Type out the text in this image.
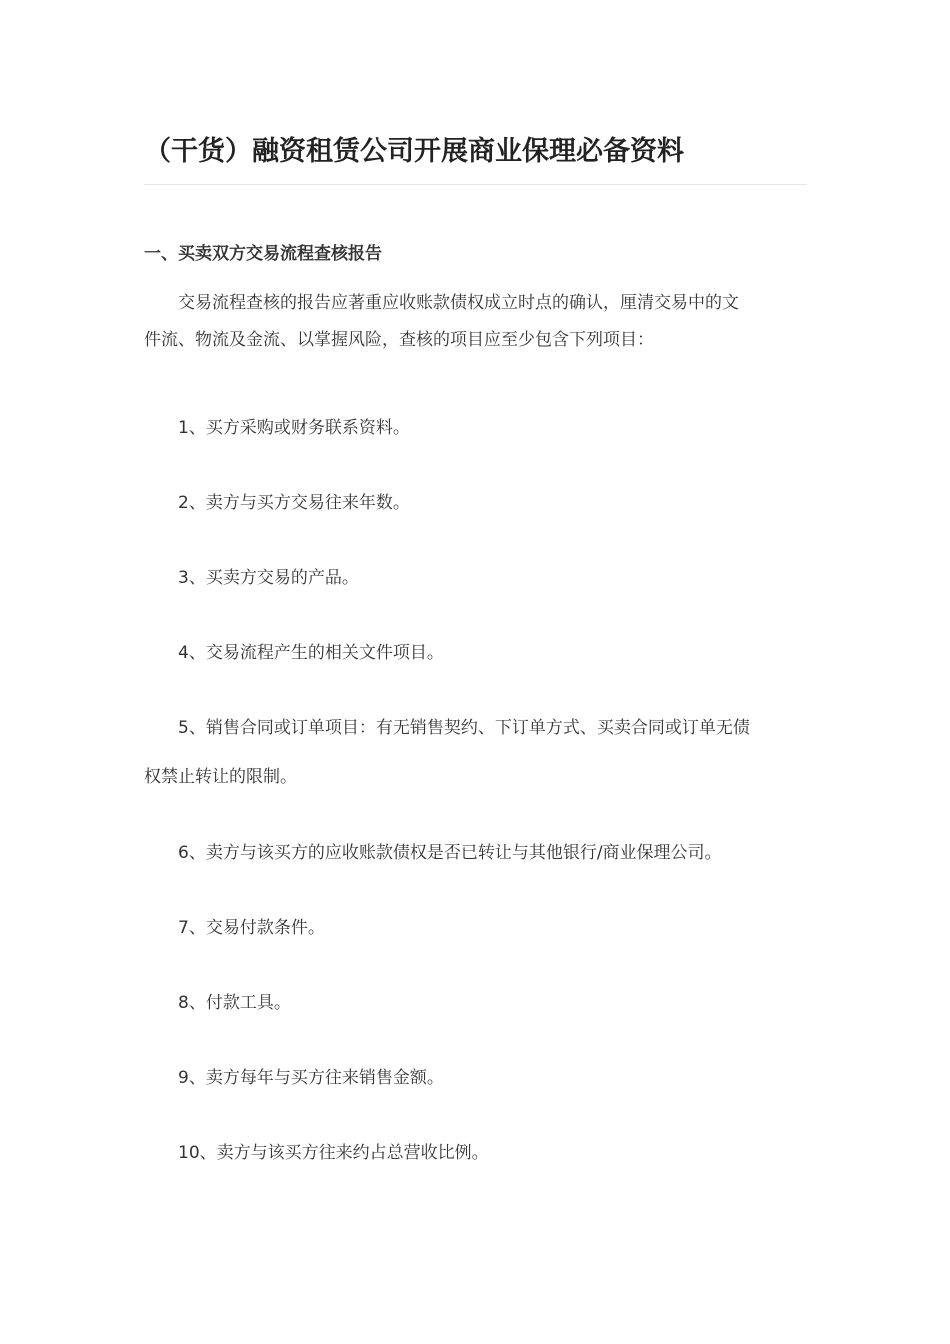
（干货）融资租赁公司开展商业保理必备资料
一、买卖双方交易流程查核报告

交易流程查核的报告应著重应收账款债权成立时点的确认，厘清交易中的文
件流、物流及金流、以掌握风险，查核的项目应至少包含下列项目：

1、买方采购或财务联系资料。

2、卖方与买方交易往来年数。

3、买卖方交易的产品。

4、交易流程产生的相关文件项目。

5、销售合同或订单项目：有无销售契约、下订单方式、买卖合同或订单无债
权禁止转让的限制。

6、卖方与该买方的应收账款债权是否已转让与其他银行/商业保理公司。

7、交易付款条件。

8、付款工具。

9、卖方每年与买方往来销售金额。

10、卖方与该买方往来约占总营收比例。
